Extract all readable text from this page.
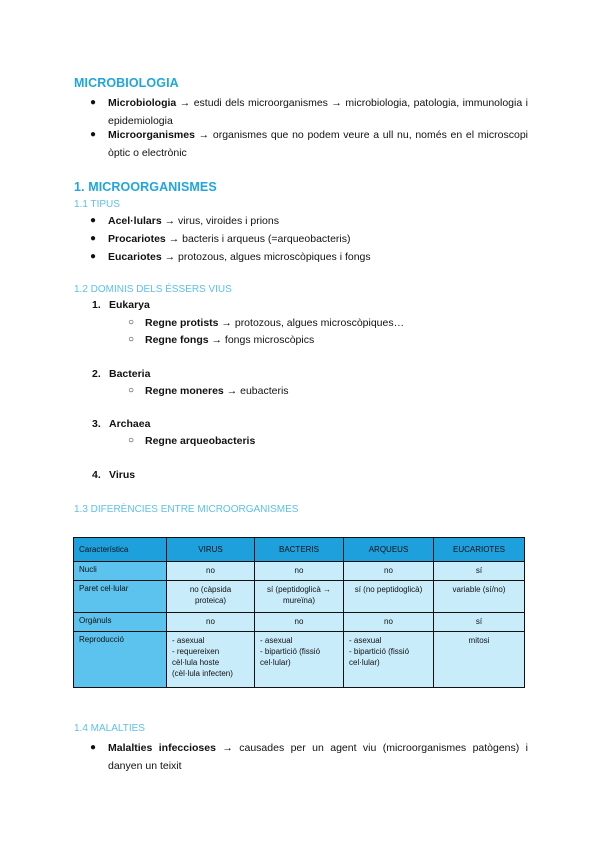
MICROBIOLOGIA
● Microbiologia → estudi dels microorganismes → microbiologia, patologia, immunologia i epidemiologia
● Microorganismes → organismes que no podem veure a ull nu, només en el microscopi òptic o electrònic
1. MICROORGANISMES
1.1 TIPUS
● Acel·lulars → virus, viroides i prions
● Procariotes → bacteris i arqueus (=arqueobacteris)
● Eucariotes → protozous, algues microscòpiques i fongs
1.2 DOMINIS DELS ÉSSERS VIUS
1. Eukarya
○ Regne protists → protozous, algues microscòpiques…
○ Regne fongs → fongs microscòpics
2. Bacteria
○ Regne moneres → eubacteris
3. Archaea
○ Regne arqueobacteris
4. Virus
1.3 DIFERÈNCIES ENTRE MICROORGANISMES
Característica	VIRUS	BACTERIS	ARQUEUS	EUCARIOTES
Nucli	no	no	no	sí

Paret cel·lular	no (càpsida
proteica)	sí (peptidoglicà →
mureïna)	sí (no peptidoglicà)	variable (sí/no)

Orgànuls	no	no	no	sí

Reproducció	- asexual
- requereixen
cèl·lula hoste
(cèl·lula infecten)	- asexual
- bipartició (fissió
cel·lular)	- asexual
- bipartició (fissió
cel·lular)	mitosi
1.4 MALALTIES
● Malalties infeccioses → causades per un agent viu (microorganismes patògens) i danyen un teixit
